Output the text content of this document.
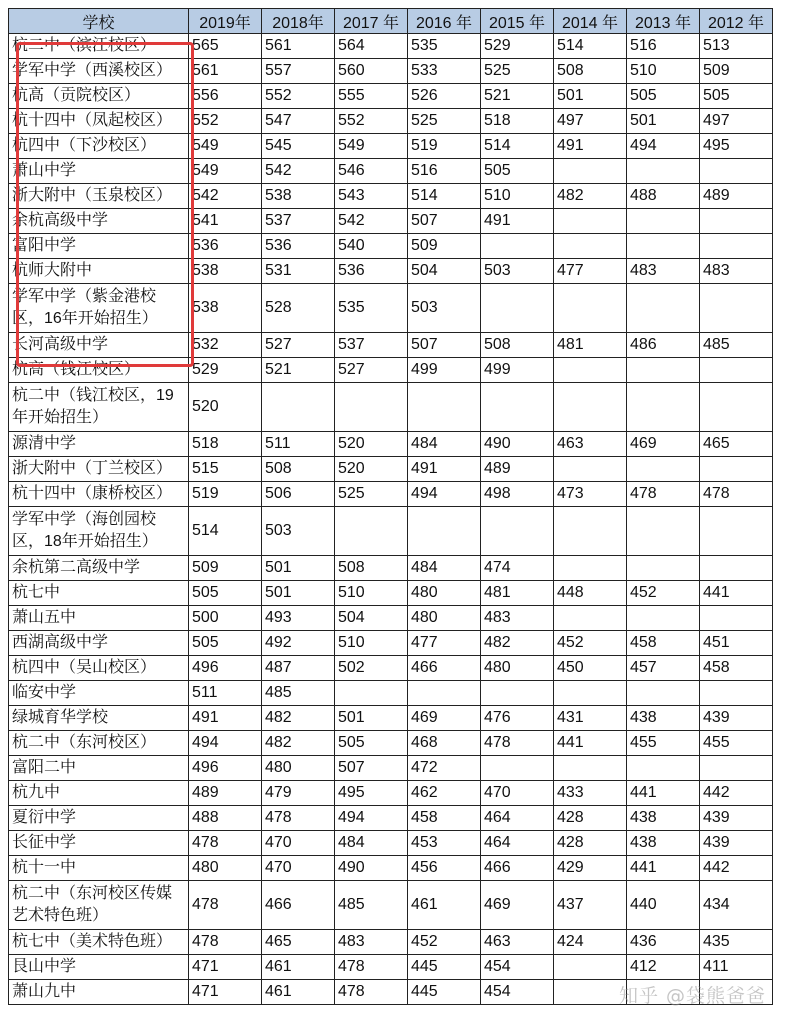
学校	2019年	2018年	2017 年	2016 年	2015 年	2014 年	2013 年	2012 年
杭二中（滨江校区）	565	561	564	535	529	514	516	513
学军中学（西溪校区）	561	557	560	533	525	508	510	509
杭高（贡院校区）	556	552	555	526	521	501	505	505
杭十四中（凤起校区）	552	547	552	525	518	497	501	497
杭四中（下沙校区）	549	545	549	519	514	491	494	495
萧山中学	549	542	546	516	505			
浙大附中（玉泉校区）	542	538	543	514	510	482	488	489
余杭高级中学	541	537	542	507	491			
富阳中学	536	536	540	509				
杭师大附中	538	531	536	504	503	477	483	483
学军中学（紫金港校区，16年开始招生）	538	528	535	503				
长河高级中学	532	527	537	507	508	481	486	485
杭高（钱江校区）	529	521	527	499	499			
杭二中（钱江校区，19年开始招生）	520							
源清中学	518	511	520	484	490	463	469	465
浙大附中（丁兰校区）	515	508	520	491	489			
杭十四中（康桥校区）	519	506	525	494	498	473	478	478
学军中学（海创园校区，18年开始招生）	514	503						
余杭第二高级中学	509	501	508	484	474			
杭七中	505	501	510	480	481	448	452	441
萧山五中	500	493	504	480	483			
西湖高级中学	505	492	510	477	482	452	458	451
杭四中（吴山校区）	496	487	502	466	480	450	457	458
临安中学	511	485						
绿城育华学校	491	482	501	469	476	431	438	439
杭二中（东河校区）	494	482	505	468	478	441	455	455
富阳二中	496	480	507	472				
杭九中	489	479	495	462	470	433	441	442
夏衍中学	488	478	494	458	464	428	438	439
长征中学	478	470	484	453	464	428	438	439
杭十一中	480	470	490	456	466	429	441	442
杭二中（东河校区传媒艺术特色班）	478	466	485	461	469	437	440	434
杭七中（美术特色班）	478	465	483	452	463	424	436	435
艮山中学	471	461	478	445	454		412	411
萧山九中	471	461	478	445	454				知乎 @袋熊爸爸
